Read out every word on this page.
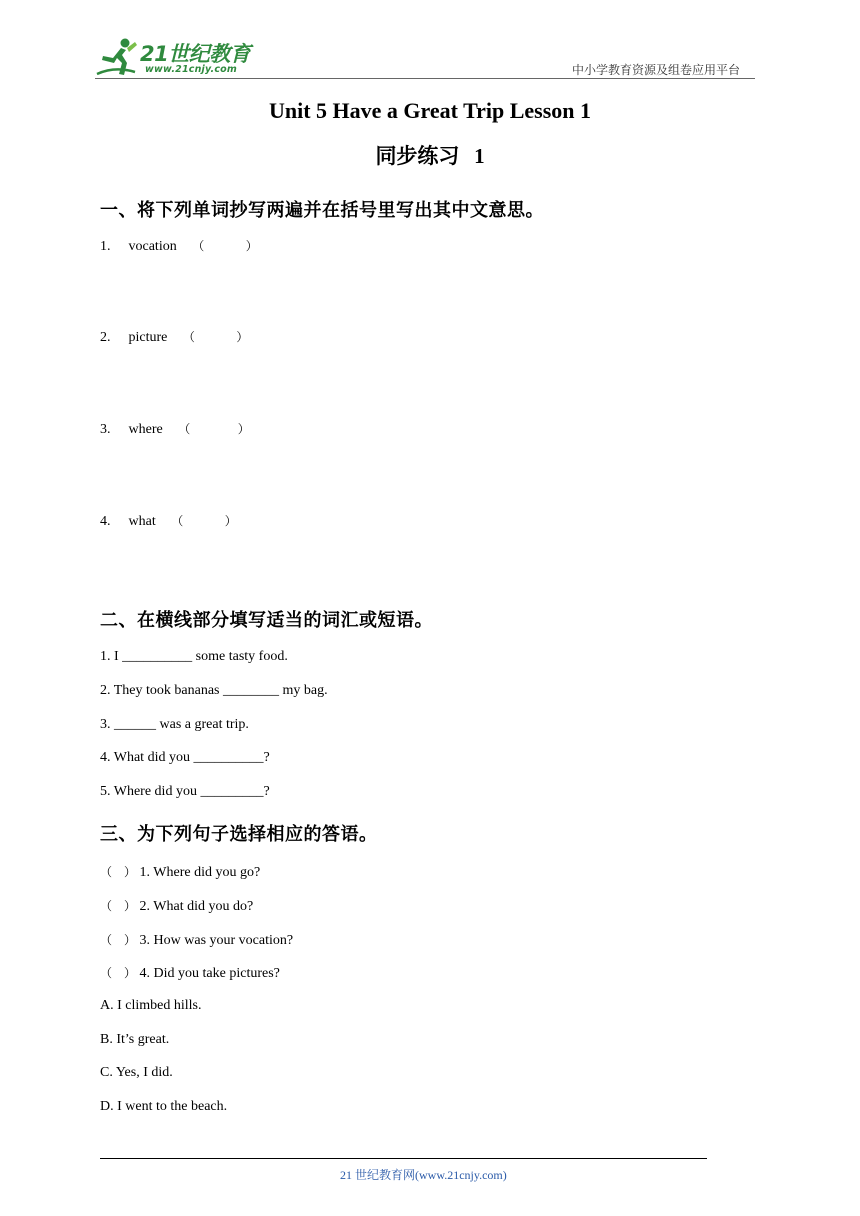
21世纪教育
www.21cnjy.com	中小学教育资源及组卷应用平台
Unit 5 Have a Great Trip Lesson 1
同步练习 1
一、将下列单词抄写两遍并在括号里写出其中文意思。
1. vocation （	）
2. picture （	）
3. where （	）
4. what （	）
二、在横线部分填写适当的词汇或短语。
1. I __________ some tasty food.
2. They took bananas ________ my bag.
3. ______ was a great trip.
4. What did you __________?
5. Where did you _________?
三、为下列句子选择相应的答语。
（ ） 1. Where did you go?
（ ） 2. What did you do?
（ ） 3. How was your vocation?
（ ） 4. Did you take pictures?
A. I climbed hills.
B. It’s great.
C. Yes, I did.
D. I went to the beach.
21 世纪教育网(www.21cnjy.com)
